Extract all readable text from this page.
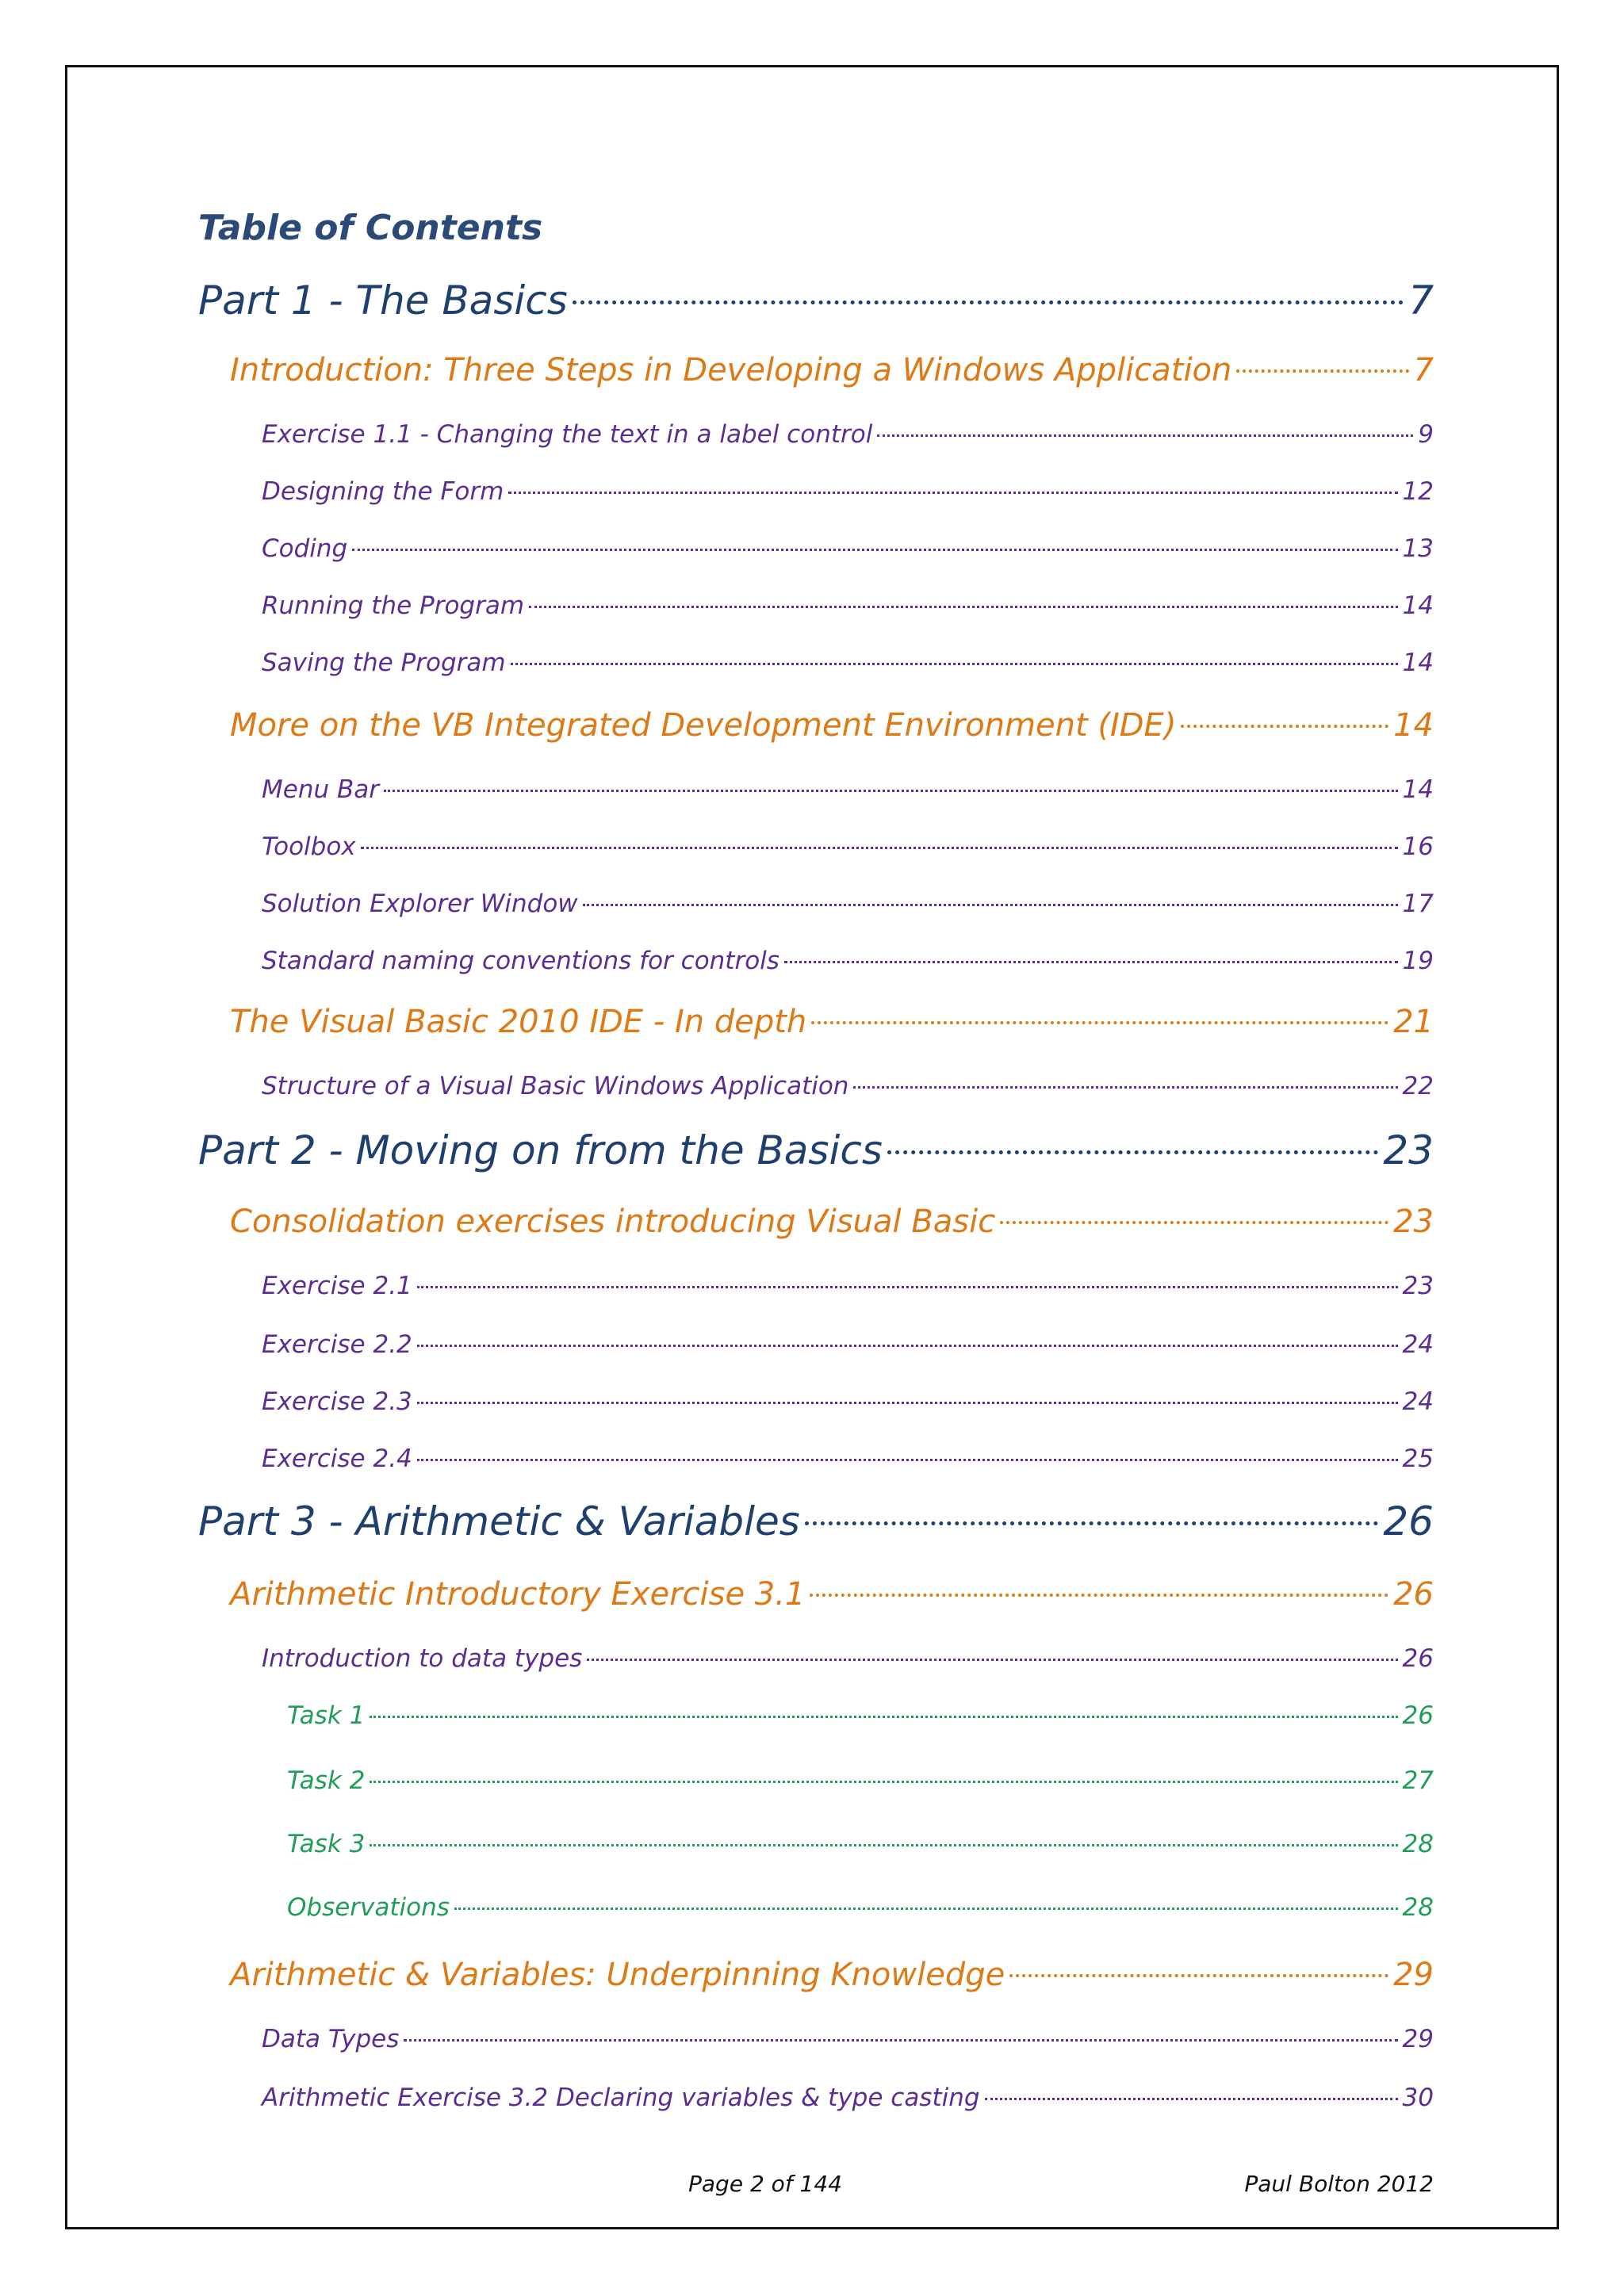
Table of Contents
Part 1 - The Basics	7
Introduction: Three Steps in Developing a Windows Application	7
Exercise 1.1 - Changing the text in a label control	9
Designing the Form	12
Coding	13
Running the Program	14
Saving the Program	14
More on the VB Integrated Development Environment (IDE)	14
Menu Bar	14
Toolbox	16
Solution Explorer Window	17
Standard naming conventions for controls	19
The Visual Basic 2010 IDE - In depth	21
Structure of a Visual Basic Windows Application	22
Part 2 - Moving on from the Basics	23
Consolidation exercises introducing Visual Basic	23
Exercise 2.1	23
Exercise 2.2	24
Exercise 2.3	24
Exercise 2.4	25
Part 3 - Arithmetic & Variables	26
Arithmetic Introductory Exercise 3.1	26
Introduction to data types	26
Task 1	26
Task 2	27
Task 3	28
Observations	28
Arithmetic & Variables: Underpinning Knowledge	29
Data Types	29
Arithmetic Exercise 3.2 Declaring variables & type casting	30
Page 2 of 144	Paul Bolton 2012
